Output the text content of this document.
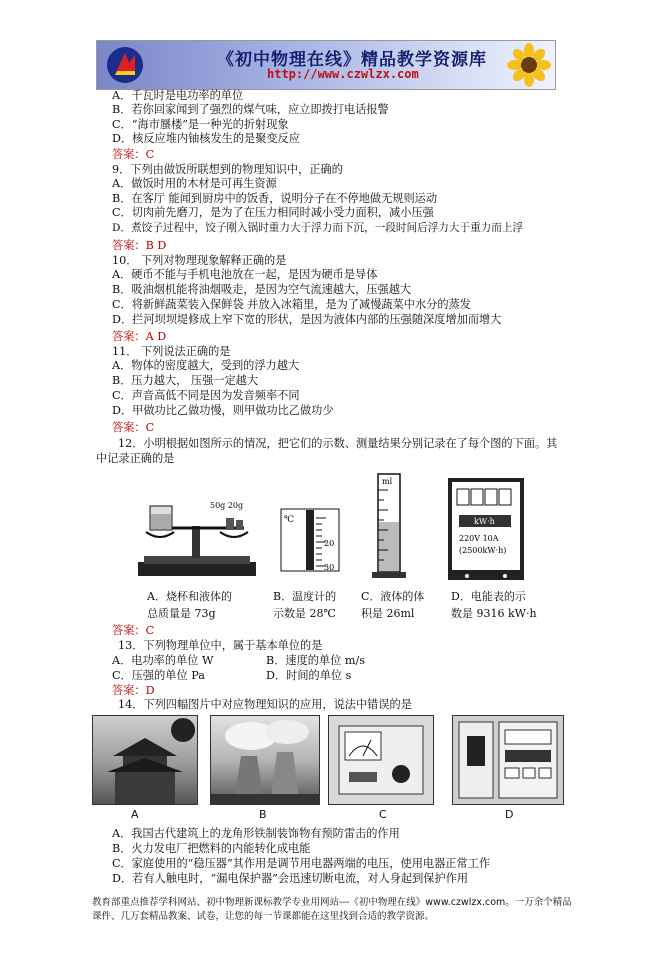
《初中物理在线》精品教学资源库
http://www.czwlzx.com
A．千瓦时是电功率的单位
B．若你回家闻到了强烈的煤气味，应立即拨打电话报警
C．“海市蜃楼”是一种光的折射现象
D．核反应堆内铀核发生的是聚变反应
答案：C
9．下列由做饭所联想到的物理知识中，正确的
A．做饭时用的木材是可再生资源
B．在客厅 能闻到厨房中的饭香，说明分子在不停地做无规则运动
C．切肉前先磨刀，是为了在压力相同时减小受力面积，减小压强
D．煮饺子过程中，饺子刚入锅时重力大于浮力而下沉，一段时间后浮力大于重力而上浮
答案：B D
10． 下列对物理现象解释正确的是
A．硬币不能与手机电池放在一起，是因为硬币是导体
B．吸油烟机能将油烟吸走，是因为空气流速越大，压强越大
C．将新鲜蔬菜装入保鲜袋 并放入冰箱里，是为了减慢蔬菜中水分的蒸发
D．拦河坝坝堤修成上窄下宽的形状，是因为液体内部的压强随深度增加而增大
答案：A D
11． 下列说法正确的是
A．物体的密度越大，受到的浮力越大
B．压力越大， 压强一定越大
C．声音高低不同是因为发音频率不同
D．甲做功比乙做功慢，则甲做功比乙做功少
答案：C
12．小明根据如图所示的情况，把它们的示数、测量结果分别记录在了每个图的下面。其
中记录正确的是
50g 20g
℃
20
30
ml
kW·h
220V 10A
(2500kW·h)
A．烧杯和液体的
总质量是 73g
B．温度计的
示数是 28℃
C．液体的体
积是 26ml
D．电能表的示
数是 9316 kW·h
答案：C
13．下列物理单位中，属于基本单位的是
A．电功率的单位 W	B．速度的单位 m/s
C．压强的单位 Pa	D．时间的单位 s
答案：D
14．下列四幅图片中对应物理知识的应用，说法中错误的是
A	B	C	D
A．我国古代建筑上的龙角形铁制装饰物有预防雷击的作用
B．火力发电厂把燃料的内能转化成电能
C．家庭使用的“稳压器”其作用是调节用电器两端的电压，使用电器正常工作
D．若有人触电时，“漏电保护器”会迅速切断电流，对人身起到保护作用
教育部重点推荐学科网站、初中物理新课标教学专业用网站---《初中物理在线》www.czwlzx.com。一万余个精品课件、几万套精品教案、试卷，让您的每一节课都能在这里找到合适的教学资源。
